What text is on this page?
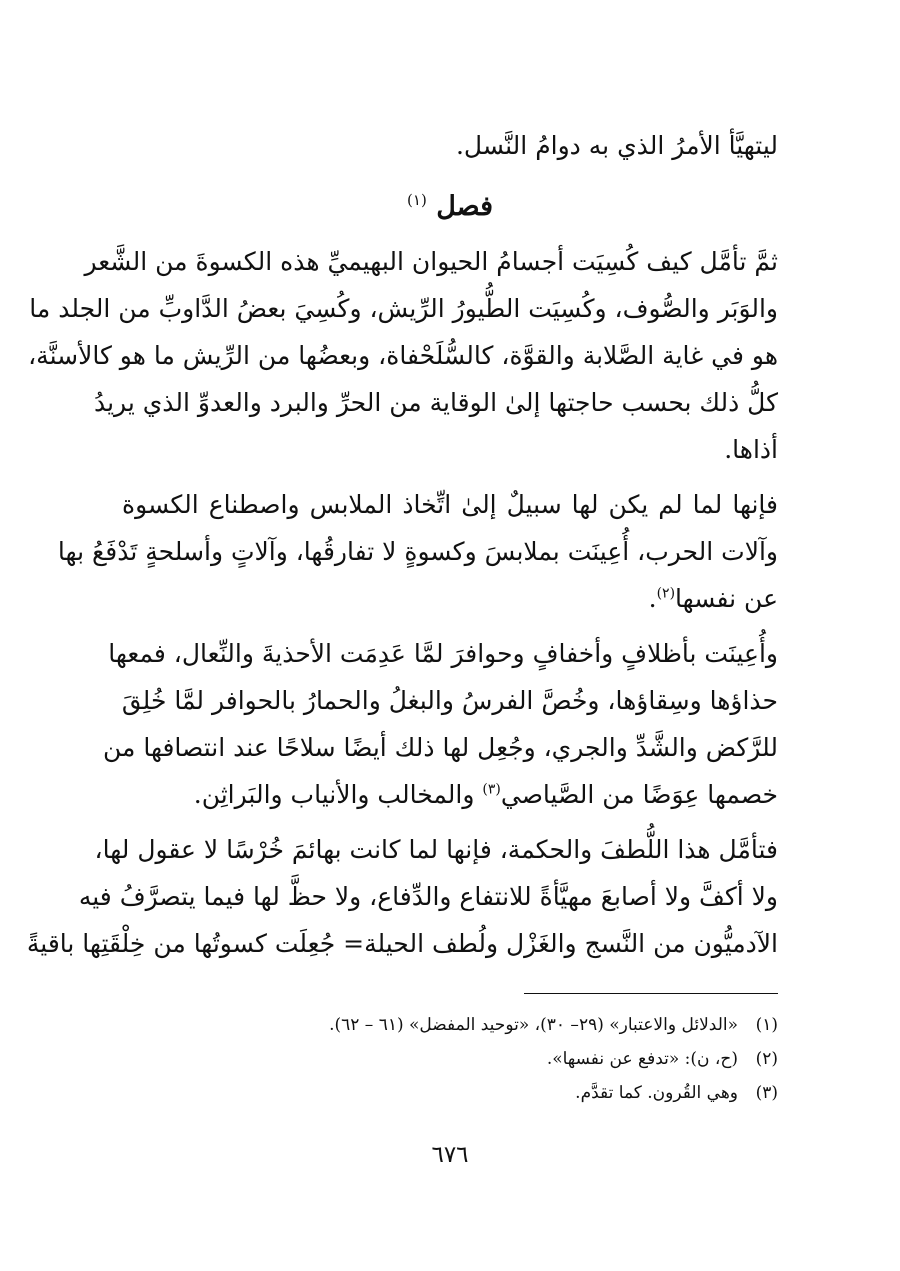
ليتهيَّأ الأمرُ الذي به دوامُ النَّسل.
فصل $^{(١)}$
ثمَّ تأمَّل كيف كُسِيَت أجسامُ الحيوان البهيميِّ هذه الكسوةَ من الشَّعر
والوَبَر والصُّوف، وكُسِيَت الطُّيورُ الرِّيش، وكُسِيَ بعضُ الدَّاوبِّ من الجلد ما
هو في غاية الصَّلابة والقوَّة، كالسُّلَحْفاة، وبعضُها من الرِّيش ما هو كالأسنَّة،
كلُّ ذلك بحسب حاجتها إلىٰ الوقاية من الحرِّ والبرد والعدوِّ الذي يريدُ
أذاها.
فإنها لما لم يكن لها سبيلٌ إلىٰ اتِّخاذ الملابس واصطناع الكسوة
وآلات الحرب، أُعِينَت بملابسَ وكسوةٍ لا تفارقُها، وآلاتٍ وأسلحةٍ تَدْفَعُ بها
عن نفسها$^{(٢)}$.
وأُعِينَت بأظلافٍ وأخفافٍ وحوافرَ لمَّا عَدِمَت الأحذيةَ والنِّعال، فمعها
حذاؤها وسِقاؤها، وخُصَّ الفرسُ والبغلُ والحمارُ بالحوافر لمَّا خُلِقَ
للرَّكض والشَّدِّ والجري، وجُعِل لها ذلك أيضًا سلاحًا عند انتصافها من
خصمها عِوَضًا من الصَّياصي$^{(٣)}$ والمخالب والأنياب والبَراثِن.
فتأمَّل هذا اللُّطفَ والحكمة، فإنها لما كانت بهائمَ خُرْسًا لا عقول لها،
ولا أكفَّ ولا أصابعَ مهيَّأةً للانتفاع والدِّفاع، ولا حظَّ لها فيما يتصرَّفُ فيه
الآدميُّون من النَّسج والغَزْل ولُطف الحيلة= جُعِلَت كسوتُها من خِلْقَتِها باقيةً
(١)«الدلائل والاعتبار» (٢٩– ٣٠)، «توحيد المفضل» (٦١ – ٦٢).
(٢)(ح، ن): «تدفع عن نفسها».
(٣)وهي القُرون. كما تقدَّم.
٦٧٦
